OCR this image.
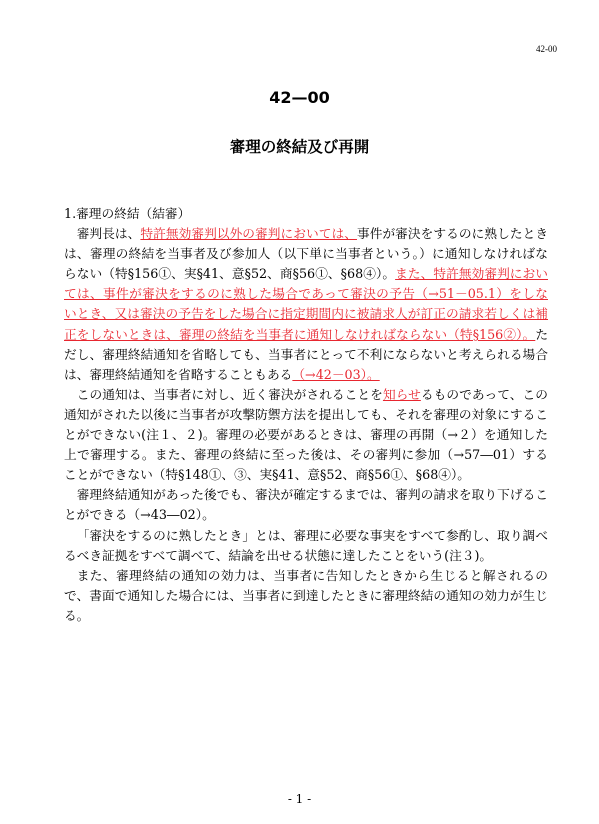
42-00
42—00
審理の終結及び再開

1.審理の終結（結審）

審判長は、特許無効審判以外の審判においては、事件が審決をするのに熟したときは、審理の終結を当事者及び参加人（以下単に当事者という。）に通知しなければならない（特§156①、実§41、意§52、商§56①、§68④）。また、特許無効審判においては、事件が審決をするのに熟した場合であって審決の予告（→51－05.1）をしないとき、又は審決の予告をした場合に指定期間内に被請求人が訂正の請求若しくは補正をしないときは、審理の終結を当事者に通知しなければならない（特§156②）。ただし、審理終結通知を省略しても、当事者にとって不利にならないと考えられる場合は、審理終結通知を省略することもある（→42－03）。

この通知は、当事者に対し、近く審決がされることを知らせるものであって、この通知がされた以後に当事者が攻撃防禦方法を提出しても、それを審理の対象にすることができない(注１、２)。審理の必要があるときは、審理の再開（→２）を通知した上で審理する。また、審理の終結に至った後は、その審判に参加（→57―01）することができない（特§148①、③、実§41、意§52、商§56①、§68④）。

審理終結通知があった後でも、審決が確定するまでは、審判の請求を取り下げることができる（→43―02）。

「審決をするのに熟したとき」とは、審理に必要な事実をすべて参酌し、取り調べるべき証拠をすべて調べて、結論を出せる状態に達したことをいう(注３)。

また、審理終結の通知の効力は、当事者に告知したときから生じると解されるので、書面で通知した場合には、当事者に到達したときに審理終結の通知の効力が生じる。

- 1 -
